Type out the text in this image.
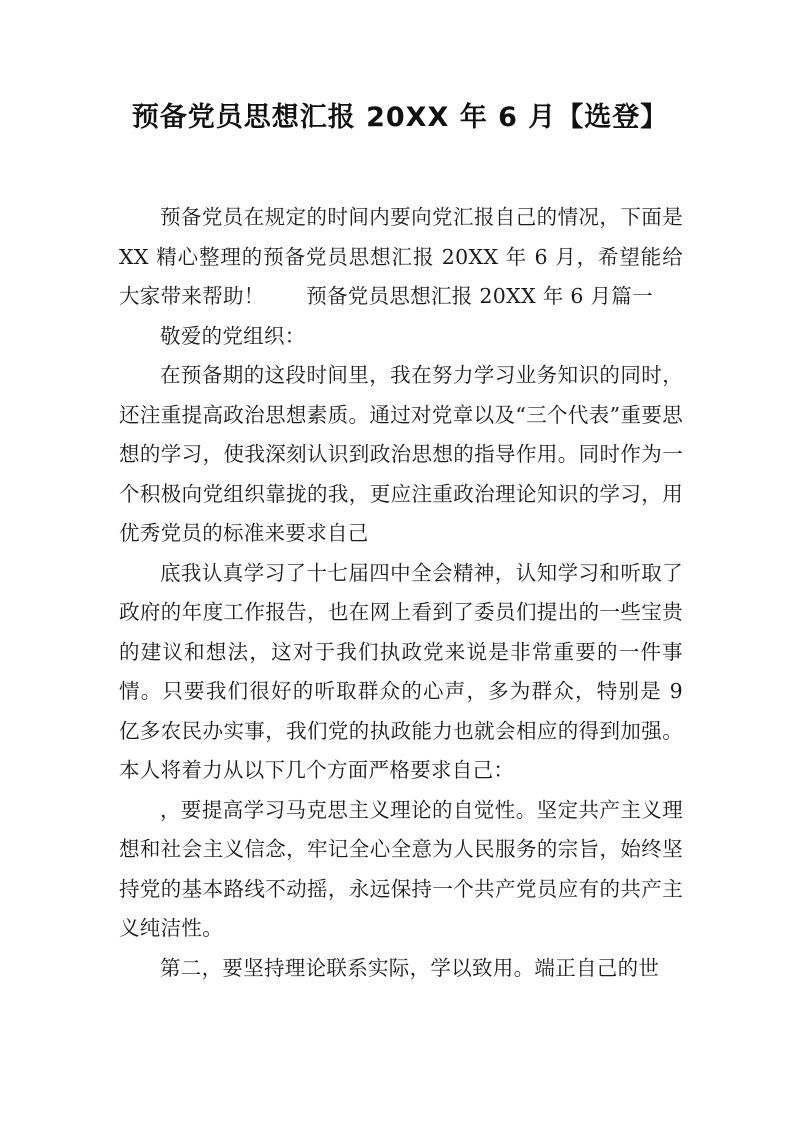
预备党员思想汇报 20XX 年 6 月【选登】

预备党员在规定的时间内要向党汇报自己的情况，下面是 XX 精心整理的预备党员思想汇报 20XX 年 6 月，希望能给大家带来帮助！　　预备党员思想汇报 20XX 年 6 月篇一

敬爱的党组织：

在预备期的这段时间里，我在努力学习业务知识的同时，还注重提高政治思想素质。通过对党章以及“三个代表”重要思想的学习，使我深刻认识到政治思想的指导作用。同时作为一个积极向党组织靠拢的我，更应注重政治理论知识的学习，用优秀党员的标准来要求自己

底我认真学习了十七届四中全会精神，认知学习和听取了政府的年度工作报告，也在网上看到了委员们提出的一些宝贵的建议和想法，这对于我们执政党来说是非常重要的一件事情。只要我们很好的听取群众的心声，多为群众，特别是 9 亿多农民办实事，我们党的执政能力也就会相应的得到加强。本人将着力从以下几个方面严格要求自己：

，要提高学习马克思主义理论的自觉性。坚定共产主义理想和社会主义信念，牢记全心全意为人民服务的宗旨，始终坚持党的基本路线不动摇，永远保持一个共产党员应有的共产主义纯洁性。

第二，要坚持理论联系实际，学以致用。端正自己的世
